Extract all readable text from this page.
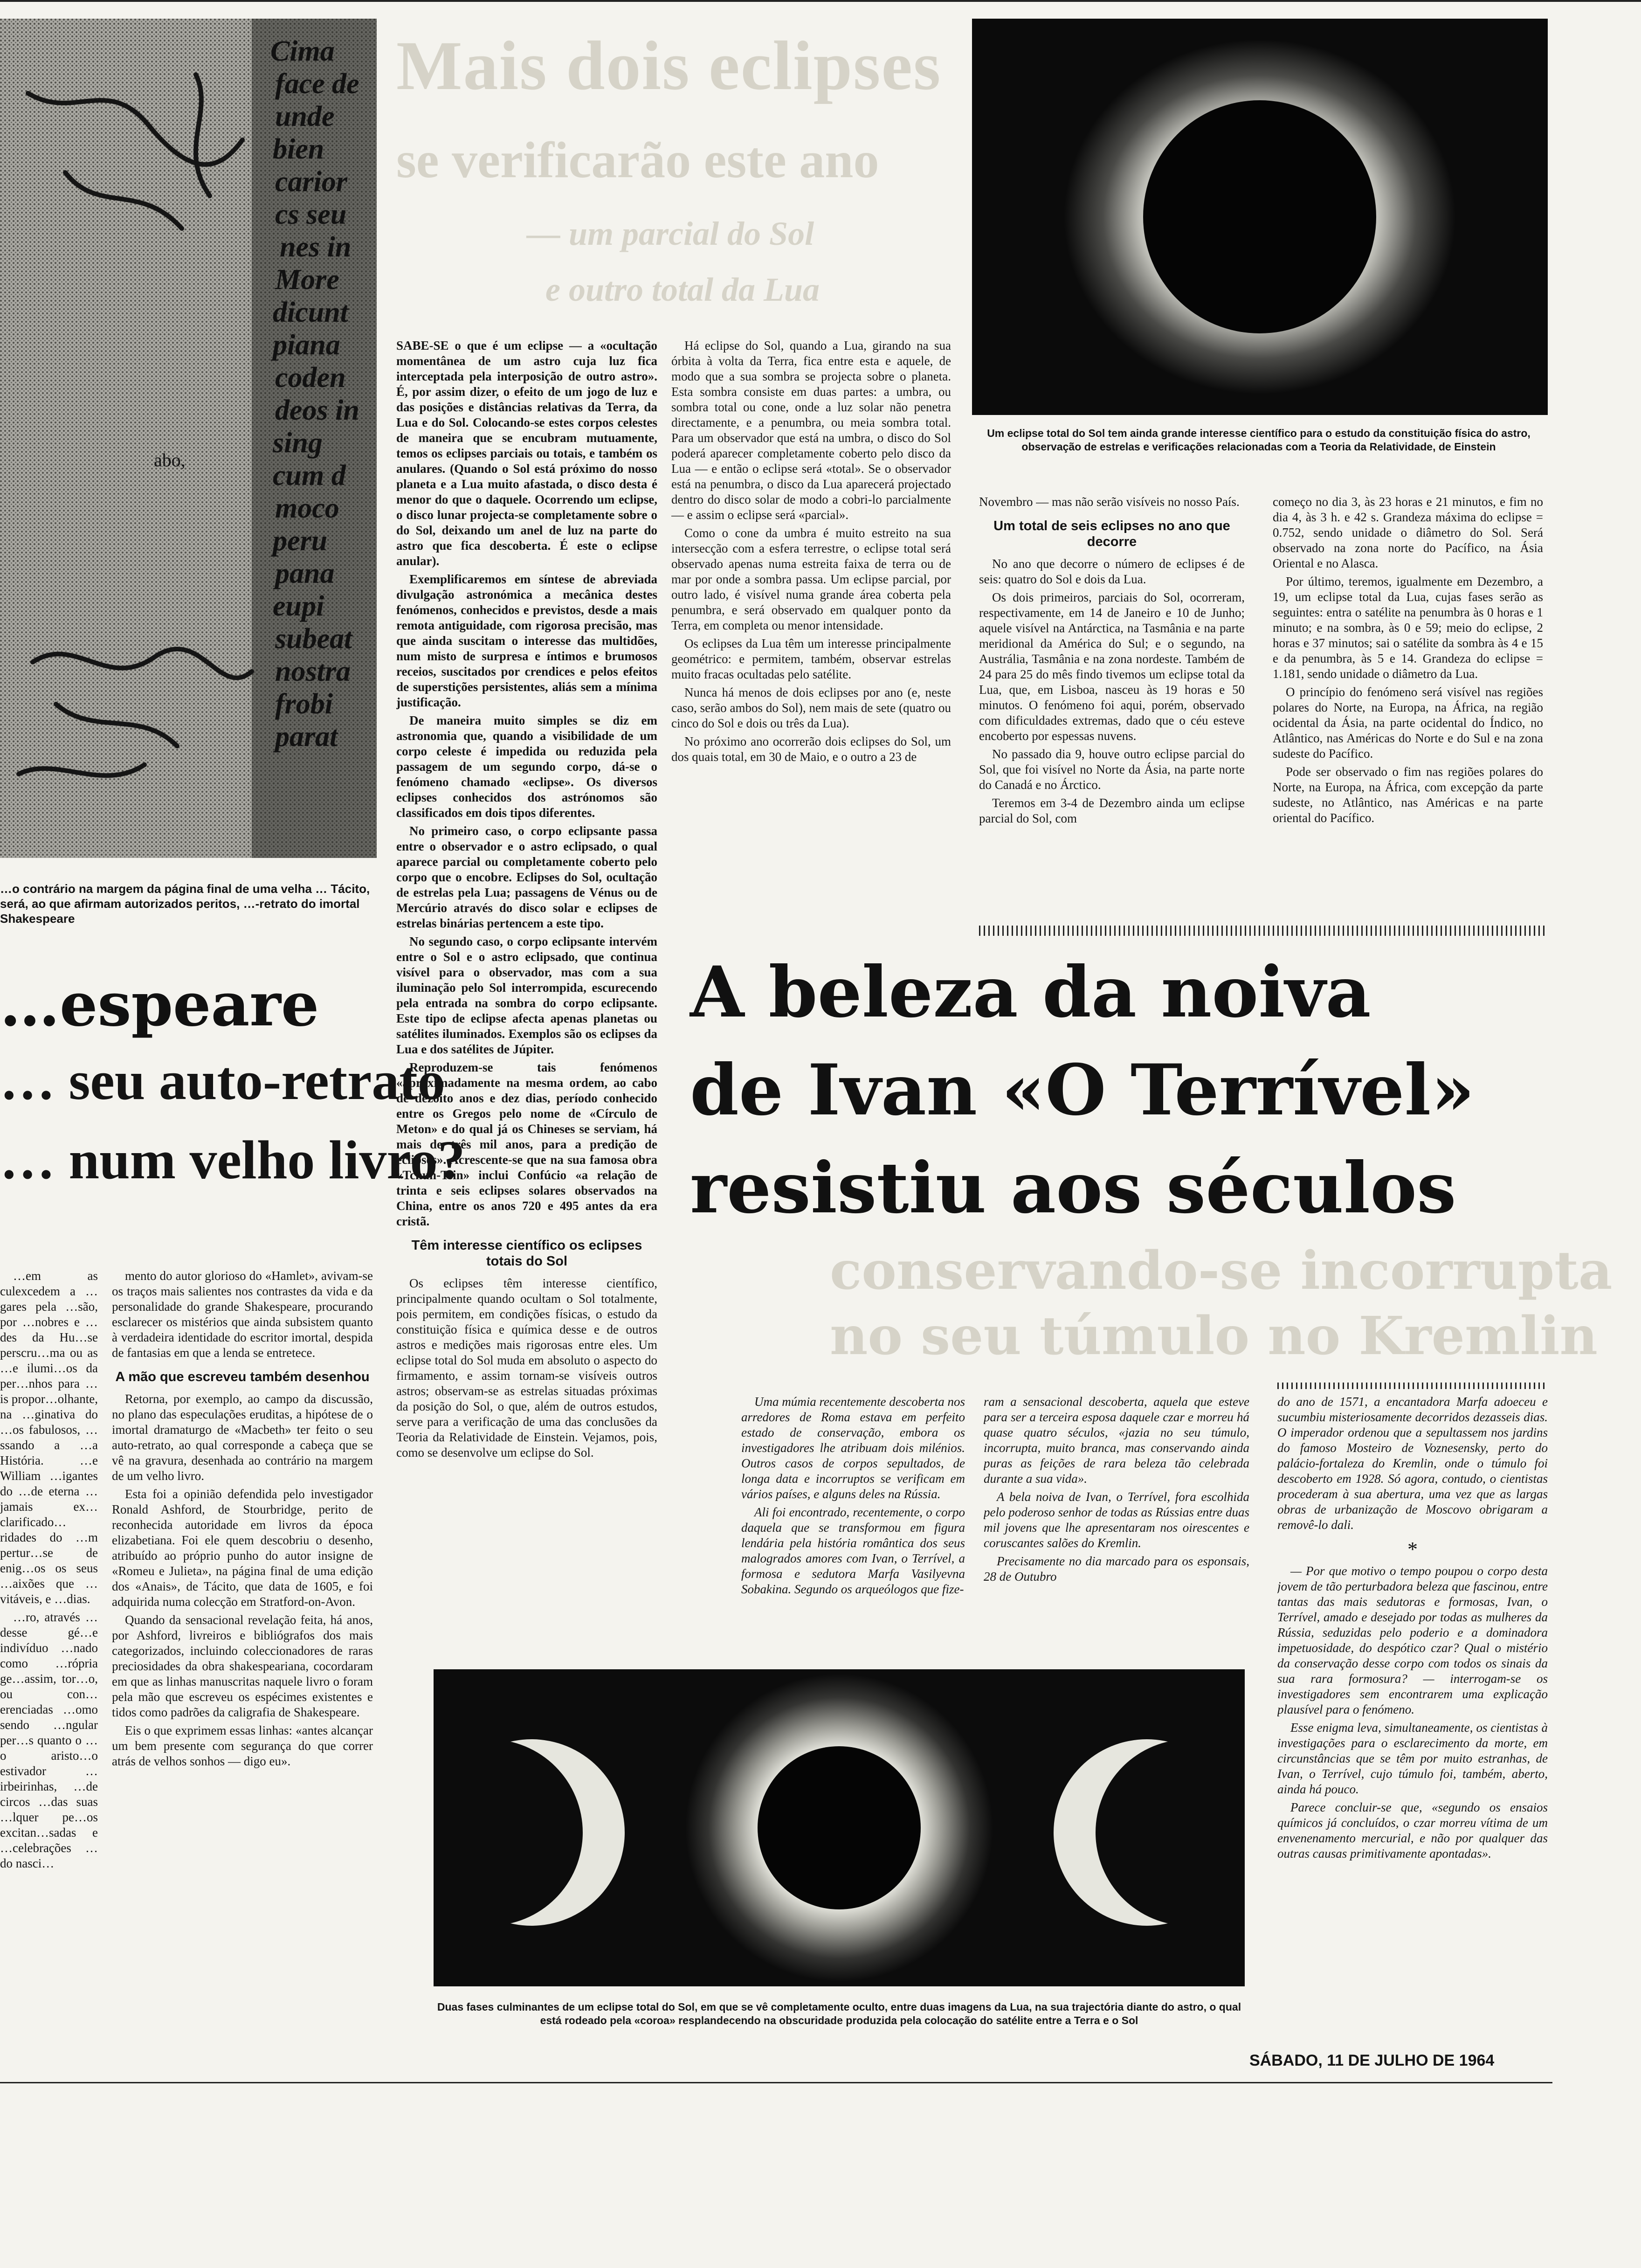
Cima
face de
unde
bien
carior
cs seu
nes in
More
dicunt
piana
coden
deos in
sing
cum d
moco
peru
pana
eupi
subeat
nostra
frobi
parat
abo,
…o contrário na margem da página final de uma velha … Tácito, será, ao que afirmam autorizados peritos, …-retrato do imortal Shakespeare
…espeare
… seu auto-retrato
… num velho livro?

…em as culexcedem a …gares pela …são, por …nobres e …des da Hu…se perscru…ma ou as …e ilumi…os da per…nhos para …is propor…olhante, na …ginativa do …os fabulosos, …ssando a …a História. …e William …igantes do …de eterna …jamais ex…clarificado…ridades do …m pertur…se de enig…os os seus …aixões que …vitáveis, e …dias.

…ro, através …desse gé…e indivíduo …nado como …rópria ge…assim, tor…o, ou con…erenciadas …omo sendo …ngular per…s quanto o …o aristo…o estivador …irbeirinhas, …de circos …das suas …lquer pe…os excitan…sadas e …celebrações …do nasci…

mento do autor glorioso do «Hamlet», avivam-se os traços mais salientes nos contrastes da vida e da personalidade do grande Shakespeare, procurando esclarecer os mistérios que ainda subsistem quanto à verdadeira identidade do escritor imortal, despida de fantasias em que a lenda se entretece.

A mão que escreveu também desenhou

Retorna, por exemplo, ao campo da discussão, no plano das especulações eruditas, a hipótese de o imortal dramaturgo de «Macbeth» ter feito o seu auto-retrato, ao qual corresponde a cabeça que se vê na gravura, desenhada ao contrário na margem de um velho livro.

Esta foi a opinião defendida pelo investigador Ronald Ashford, de Stourbridge, perito de reconhecida autoridade em livros da época elizabetiana. Foi ele quem descobriu o desenho, atribuído ao próprio punho do autor insigne de «Romeu e Julieta», na página final de uma edição dos «Anais», de Tácito, que data de 1605, e foi adquirida numa colecção em Stratford-on-Avon.

Quando da sensacional revelação feita, há anos, por Ashford, livreiros e bibliógrafos dos mais categorizados, incluindo coleccionadores de raras preciosidades da obra shakespeariana, cocordaram em que as linhas manuscritas naquele livro o foram pela mão que escreveu os espécimes existentes e tidos como padrões da caligrafia de Shakespeare.

Eis o que exprimem essas linhas: «antes alcançar um bem presente com segurança do que correr atrás de velhos sonhos — digo eu».

Mais dois eclipses
se verificarão este ano
— um parcial do Sol
e outro total da Lua

SABE-SE o que é um eclipse — a «ocultação momentânea de um astro cuja luz fica interceptada pela interposição de outro astro». É, por assim dizer, o efeito de um jogo de luz e das posições e distâncias relativas da Terra, da Lua e do Sol. Colocando-se estes corpos celestes de maneira que se encubram mutuamente, temos os eclipses parciais ou totais, e também os anulares. (Quando o Sol está próximo do nosso planeta e a Lua muito afastada, o disco desta é menor do que o daquele. Ocorrendo um eclipse, o disco lunar projecta-se completamente sobre o do Sol, deixando um anel de luz na parte do astro que fica descoberta. É este o eclipse anular).

Exemplificaremos em síntese de abreviada divulgação astronómica a mecânica destes fenómenos, conhecidos e previstos, desde a mais remota antiguidade, com rigorosa precisão, mas que ainda suscitam o interesse das multidões, num misto de surpresa e íntimos e brumosos receios, suscitados por crendices e pelos efeitos de superstições persistentes, aliás sem a mínima justificação.

De maneira muito simples se diz em astronomia que, quando a visibilidade de um corpo celeste é impedida ou reduzida pela passagem de um segundo corpo, dá-se o fenómeno chamado «eclipse». Os diversos eclipses conhecidos dos astrónomos são classificados em dois tipos diferentes.

No primeiro caso, o corpo eclipsante passa entre o observador e o astro eclipsado, o qual aparece parcial ou completamente coberto pelo corpo que o encobre. Eclipses do Sol, ocultação de estrelas pela Lua; passagens de Vénus ou de Mercúrio através do disco solar e eclipses de estrelas binárias pertencem a este tipo.

No segundo caso, o corpo eclipsante intervém entre o Sol e o astro eclipsado, que continua visível para o observador, mas com a sua iluminação pelo Sol interrompida, escurecendo pela entrada na sombra do corpo eclipsante. Este tipo de eclipse afecta apenas planetas ou satélites iluminados. Exemplos são os eclipses da Lua e dos satélites de Júpiter.

Reproduzem-se tais fenómenos «aproximadamente na mesma ordem, ao cabo de dezoito anos e dez dias, período conhecido entre os Gregos pelo nome de «Círculo de Meton» e do qual já os Chineses se serviam, há mais de três mil anos, para a predição de eclipses». Acrescente-se que na sua famosa obra «Tchun-Tsin» inclui Confúcio «a relação de trinta e seis eclipses solares observados na China, entre os anos 720 e 495 antes da era cristã.

Têm interesse científico os eclipses totais do Sol

Os eclipses têm interesse científico, principalmente quando ocultam o Sol totalmente, pois permitem, em condições físicas, o estudo da constituição física e química desse e de outros astros e medições mais rigorosas entre eles. Um eclipse total do Sol muda em absoluto o aspecto do firmamento, e assim tornam-se visíveis outros astros; observam-se as estrelas situadas próximas da posição do Sol, o que, além de outros estudos, serve para a verificação de uma das conclusões da Teoria da Relatividade de Einstein. Vejamos, pois, como se desenvolve um eclipse do Sol.

Há eclipse do Sol, quando a Lua, girando na sua órbita à volta da Terra, fica entre esta e aquele, de modo que a sua sombra se projecta sobre o planeta. Esta sombra consiste em duas partes: a umbra, ou sombra total ou cone, onde a luz solar não penetra directamente, e a penumbra, ou meia sombra total. Para um observador que está na umbra, o disco do Sol poderá aparecer completamente coberto pelo disco da Lua — e então o eclipse será «total». Se o observador está na penumbra, o disco da Lua aparecerá projectado dentro do disco solar de modo a cobri-lo parcialmente — e assim o eclipse será «parcial».

Como o cone da umbra é muito estreito na sua intersecção com a esfera terrestre, o eclipse total será observado apenas numa estreita faixa de terra ou de mar por onde a sombra passa. Um eclipse parcial, por outro lado, é visível numa grande área coberta pela penumbra, e será observado em qualquer ponto da Terra, em completa ou menor intensidade.

Os eclipses da Lua têm um interesse principalmente geométrico: e permitem, também, observar estrelas muito fracas ocultadas pelo satélite.

Nunca há menos de dois eclipses por ano (e, neste caso, serão ambos do Sol), nem mais de sete (quatro ou cinco do Sol e dois ou três da Lua).

No próximo ano ocorrerão dois eclipses do Sol, um dos quais total, em 30 de Maio, e o outro a 23 de

Um eclipse total do Sol tem ainda grande interesse científico para o estudo da constituição física do astro, observação de estrelas e verificações relacionadas com a Teoria da Relatividade, de Einstein

Novembro — mas não serão visíveis no nosso País.

Um total de seis eclipses no ano que decorre

No ano que decorre o número de eclipses é de seis: quatro do Sol e dois da Lua.

Os dois primeiros, parciais do Sol, ocorreram, respectivamente, em 14 de Janeiro e 10 de Junho; aquele visível na Antárctica, na Tasmânia e na parte meridional da América do Sul; e o segundo, na Austrália, Tasmânia e na zona nordeste. Também de 24 para 25 do mês findo tivemos um eclipse total da Lua, que, em Lisboa, nasceu às 19 horas e 50 minutos. O fenómeno foi aqui, porém, observado com dificuldades extremas, dado que o céu esteve encoberto por espessas nuvens.

No passado dia 9, houve outro eclipse parcial do Sol, que foi visível no Norte da Ásia, na parte norte do Canadá e no Árctico.

Teremos em 3-4 de Dezembro ainda um eclipse parcial do Sol, com

começo no dia 3, às 23 horas e 21 minutos, e fim no dia 4, às 3 h. e 42 s. Grandeza máxima do eclipse = 0.752, sendo unidade o diâmetro do Sol. Será observado na zona norte do Pacífico, na Ásia Oriental e no Alasca.

Por último, teremos, igualmente em Dezembro, a 19, um eclipse total da Lua, cujas fases serão as seguintes: entra o satélite na penumbra às 0 horas e 1 minuto; e na sombra, às 0 e 59; meio do eclipse, 2 horas e 37 minutos; sai o satélite da sombra às 4 e 15 e da penumbra, às 5 e 14. Grandeza do eclipse = 1.181, sendo unidade o diâmetro da Lua.

O princípio do fenómeno será visível nas regiões polares do Norte, na Europa, na África, na região ocidental da Ásia, na parte ocidental do Índico, no Atlântico, nas Américas do Norte e do Sul e na zona sudeste do Pacífico.

Pode ser observado o fim nas regiões polares do Norte, na Europa, na África, com excepção da parte sudeste, no Atlântico, nas Américas e na parte oriental do Pacífico.

A beleza da noiva
de Ivan «O Terrível»
resistiu aos séculos
conservando-se incorrupta
no seu túmulo no Kremlin

Uma múmia recentemente descoberta nos arredores de Roma estava em perfeito estado de conservação, embora os investigadores lhe atribuam dois milénios. Outros casos de corpos sepultados, de longa data e incorruptos se verificam em vários países, e alguns deles na Rússia.

Ali foi encontrado, recentemente, o corpo daquela que se transformou em figura lendária pela história romântica dos seus malogrados amores com Ivan, o Terrível, a formosa e sedutora Marfa Vasilyevna Sobakina. Segundo os arqueólogos que fize-

ram a sensacional descoberta, aquela que esteve para ser a terceira esposa daquele czar e morreu há quase quatro séculos, «jazia no seu túmulo, incorrupta, muito branca, mas conservando ainda puras as feições de rara beleza tão celebrada durante a sua vida».

A bela noiva de Ivan, o Terrível, fora escolhida pelo poderoso senhor de todas as Rússias entre duas mil jovens que lhe apresentaram nos oirescentes e coruscantes salões do Kremlin.

Precisamente no dia marcado para os esponsais, 28 de Outubro

do ano de 1571, a encantadora Marfa adoeceu e sucumbiu misteriosamente decorridos dezasseis dias. O imperador ordenou que a sepultassem nos jardins do famoso Mosteiro de Voznesensky, perto do palácio-fortaleza do Kremlin, onde o túmulo foi descoberto em 1928. Só agora, contudo, o cientistas procederam à sua abertura, uma vez que as largas obras de urbanização de Moscovo obrigaram a removê-lo dali.

*

— Por que motivo o tempo poupou o corpo desta jovem de tão perturbadora beleza que fascinou, entre tantas das mais sedutoras e formosas, Ivan, o Terrível, amado e desejado por todas as mulheres da Rússia, seduzidas pelo poderio e a dominadora impetuosidade, do despótico czar? Qual o mistério da conservação desse corpo com todos os sinais da sua rara formosura? — interrogam-se os investigadores sem encontrarem uma explicação plausível para o fenómeno.

Esse enigma leva, simultaneamente, os cientistas à investigações para o esclarecimento da morte, em circunstâncias que se têm por muito estranhas, de Ivan, o Terrível, cujo túmulo foi, também, aberto, ainda há pouco.

Parece concluir-se que, «segundo os ensaios químicos já concluídos, o czar morreu vítima de um envenenamento mercurial, e não por qualquer das outras causas primitivamente apontadas».

Duas fases culminantes de um eclipse total do Sol, em que se vê completamente oculto, entre duas imagens da Lua, na sua trajectória diante do astro, o qual está rodeado pela «coroa» resplandecendo na obscuridade produzida pela colocação do satélite entre a Terra e o Sol
SÁBADO, 11 DE JULHO DE 1964
